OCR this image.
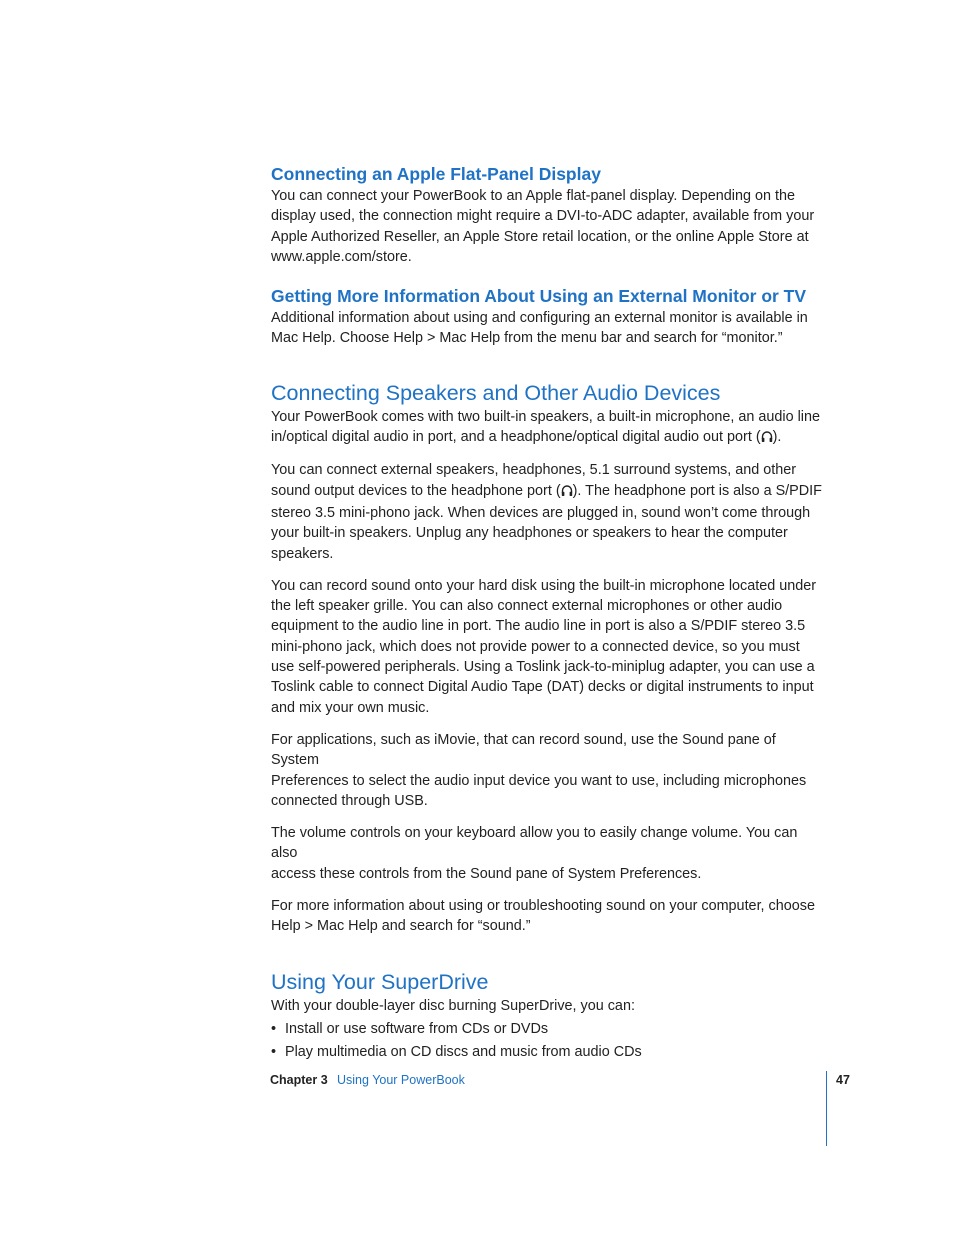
Connecting an Apple Flat-Panel Display

You can connect your PowerBook to an Apple flat-panel display. Depending on the
display used, the connection might require a DVI-to-ADC adapter, available from your
Apple Authorized Reseller, an Apple Store retail location, or the online Apple Store at
www.apple.com/store.

Getting More Information About Using an External Monitor or TV

Additional information about using and configuring an external monitor is available in
Mac Help. Choose Help > Mac Help from the menu bar and search for “monitor.”

Connecting Speakers and Other Audio Devices

Your PowerBook comes with two built-in speakers, a built-in microphone, an audio line
in/optical digital audio in port, and a headphone/optical digital audio out port ( ).

You can connect external speakers, headphones, 5.1 surround systems, and other
sound output devices to the headphone port ( ). The headphone port is also a S/PDIF
stereo 3.5 mini-phono jack. When devices are plugged in, sound won’t come through
your built-in speakers. Unplug any headphones or speakers to hear the computer
speakers.

You can record sound onto your hard disk using the built-in microphone located under
the left speaker grille. You can also connect external microphones or other audio
equipment to the audio line in port. The audio line in port is also a S/PDIF stereo 3.5
mini-phono jack, which does not provide power to a connected device, so you must
use self-powered peripherals. Using a Toslink jack-to-miniplug adapter, you can use a
Toslink cable to connect Digital Audio Tape (DAT) decks or digital instruments to input
and mix your own music.

For applications, such as iMovie, that can record sound, use the Sound pane of System
Preferences to select the audio input device you want to use, including microphones
connected through USB.

The volume controls on your keyboard allow you to easily change volume. You can also
access these controls from the Sound pane of System Preferences.

For more information about using or troubleshooting sound on your computer, choose
Help > Mac Help and search for “sound.”

Using Your SuperDrive

With your double-layer disc burning SuperDrive, you can:

• Install or use software from CDs or DVDs
• Play multimedia on CD discs and music from audio CDs
Chapter 3 Using Your PowerBook	47
